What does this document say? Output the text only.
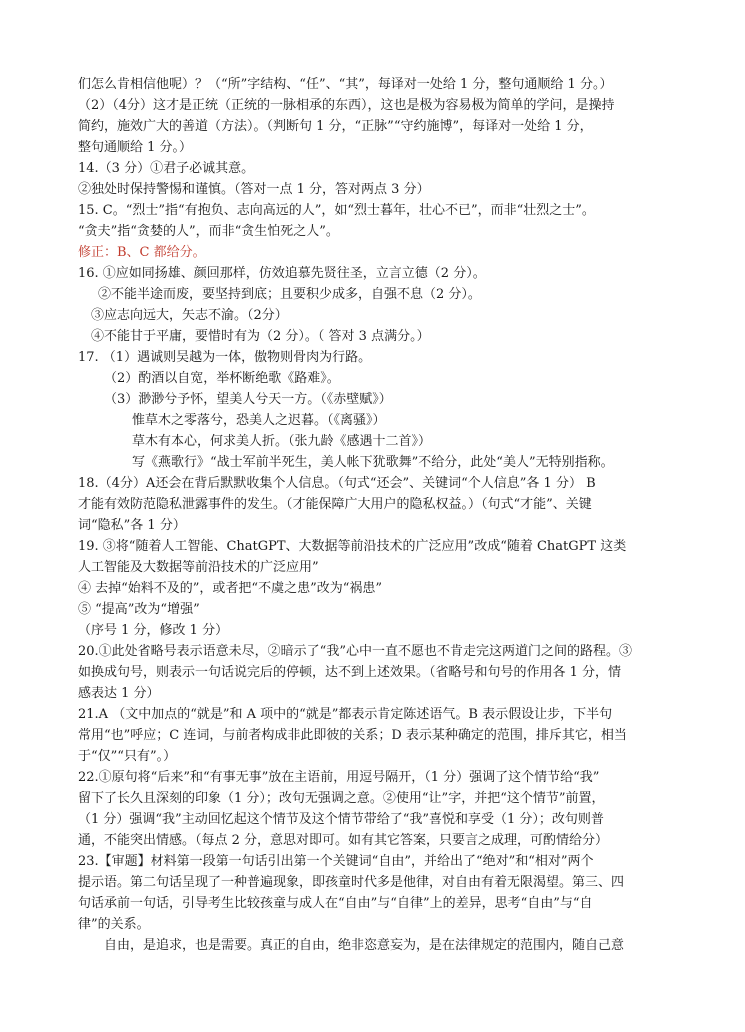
们怎么肯相信他呢）？（“所”字结构、“任”、“其”，每译对一处给 1 分，整句通顺给 1 分。）
（2）（4分）这才是正统（正统的一脉相承的东西），这也是极为容易极为简单的学问，是操持
简约，施效广大的善道（方法）。（判断句 1 分，“正脉”“守约施博”，每译对一处给 1 分，
整句通顺给 1 分。）
14.（3 分）①君子必诚其意。
②独处时保持警惕和谨慎。（答对一点 1 分，答对两点 3 分）
15. C。“烈士”指“有抱负、志向高远的人”，如“烈士暮年，壮心不已”，而非“壮烈之士”。
“贪夫”指“贪婪的人”，而非“贪生怕死之人”。
修正：B、C 都给分。
16. ①应如同扬雄、颜回那样，仿效追慕先贤往圣，立言立德（2 分）。
②不能半途而废，要坚持到底；且要积少成多，自强不息（2 分）。
③应志向远大，矢志不渝。（2分）
④不能甘于平庸，要惜时有为（2 分）。（ 答对 3 点满分。）
17. （1）遇诚则吴越为一体，傲物则骨肉为行路。
（2）酌酒以自宽，举杯断绝歌《路难》。
（3）渺渺兮予怀，望美人兮天一方。（《赤壁赋》）
惟草木之零落兮，恐美人之迟暮。（《离骚》）
草木有本心，何求美人折。（张九龄《感遇十二首》）
写《燕歌行》“战士军前半死生，美人帐下犹歌舞”不给分，此处“美人”无特别指称。
18.（4分）A还会在背后默默收集个人信息。（句式“还会”、关键词“个人信息”各 1 分） B
才能有效防范隐私泄露事件的发生。（才能保障广大用户的隐私权益。）（句式“才能”、关键
词“隐私”各 1 分）
19. ③将“随着人工智能、ChatGPT、大数据等前沿技术的广泛应用”改成“随着 ChatGPT 这类
人工智能及大数据等前沿技术的广泛应用”
④ 去掉“始料不及的”，或者把“不虞之患”改为“祸患”
⑤ “提高”改为“增强”
（序号 1 分，修改 1 分）
20.①此处省略号表示语意未尽，②暗示了“我”心中一直不愿也不肯走完这两道门之间的路程。③
如换成句号，则表示一句话说完后的停顿，达不到上述效果。（省略号和句号的作用各 1 分，情
感表达 1 分）
21.A （文中加点的“就是”和 A 项中的“就是”都表示肯定陈述语气。B 表示假设让步，下半句
常用“也”呼应；C 连词，与前者构成非此即彼的关系；D 表示某种确定的范围，排斥其它，相当
于“仅”“只有”。）
22.①原句将“后来”和“有事无事”放在主语前，用逗号隔开，（1 分）强调了这个情节给“我”
留下了长久且深刻的印象（1 分）；改句无强调之意。②使用“让”字，并把“这个情节”前置，
（1 分）强调“我”主动回忆起这个情节及这个情节带给了“我”喜悦和享受（1 分）；改句则普
通，不能突出情感。（每点 2 分，意思对即可。如有其它答案，只要言之成理，可酌情给分）
23.【审题】材料第一段第一句话引出第一个关键词“自由”，并给出了“绝对”和“相对”两个
提示语。第二句话呈现了一种普遍现象，即孩童时代多是他律，对自由有着无限渴望。第三、四
句话承前一句话，引导考生比较孩童与成人在“自由”与“自律”上的差异，思考“自由”与“自
律”的关系。
自由，是追求，也是需要。真正的自由，绝非恣意妄为，是在法律规定的范围内，随自己意
